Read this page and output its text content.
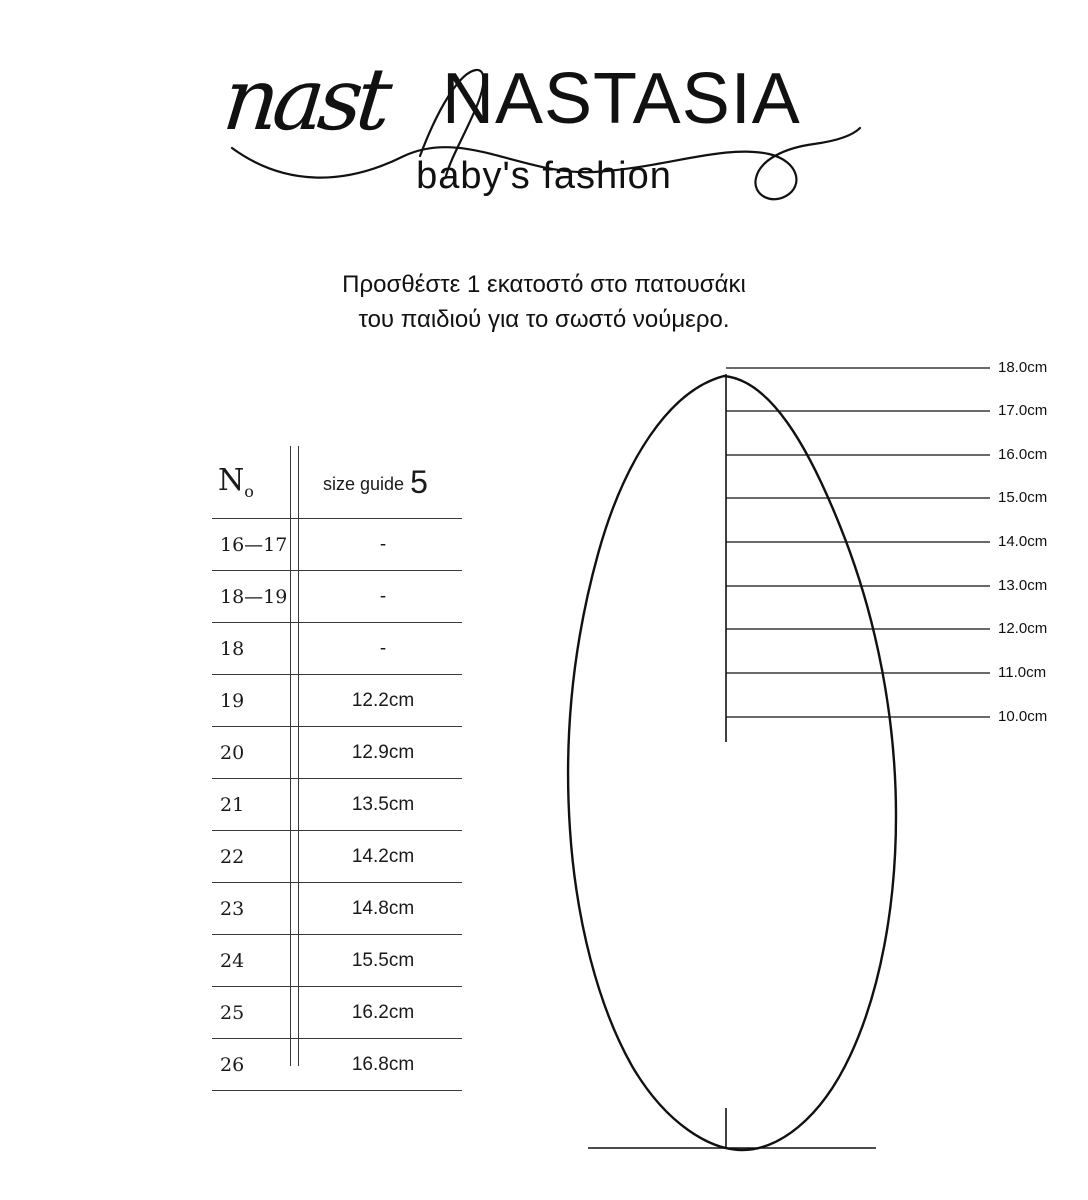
nast NASTASIA
baby's fashion
Προσθέστε 1 εκατοστό στο πατουσάκι
του παιδιού για το σωστό νούμερο.
$N_o$	size guide 5
16—17	-
18—19	-
18	-
19	12.2cm
20	12.9cm
21	13.5cm
22	14.2cm
23	14.8cm
24	15.5cm
25	16.2cm
26	16.8cm
18.0cm
17.0cm
16.0cm
15.0cm
14.0cm
13.0cm
12.0cm
11.0cm
10.0cm
